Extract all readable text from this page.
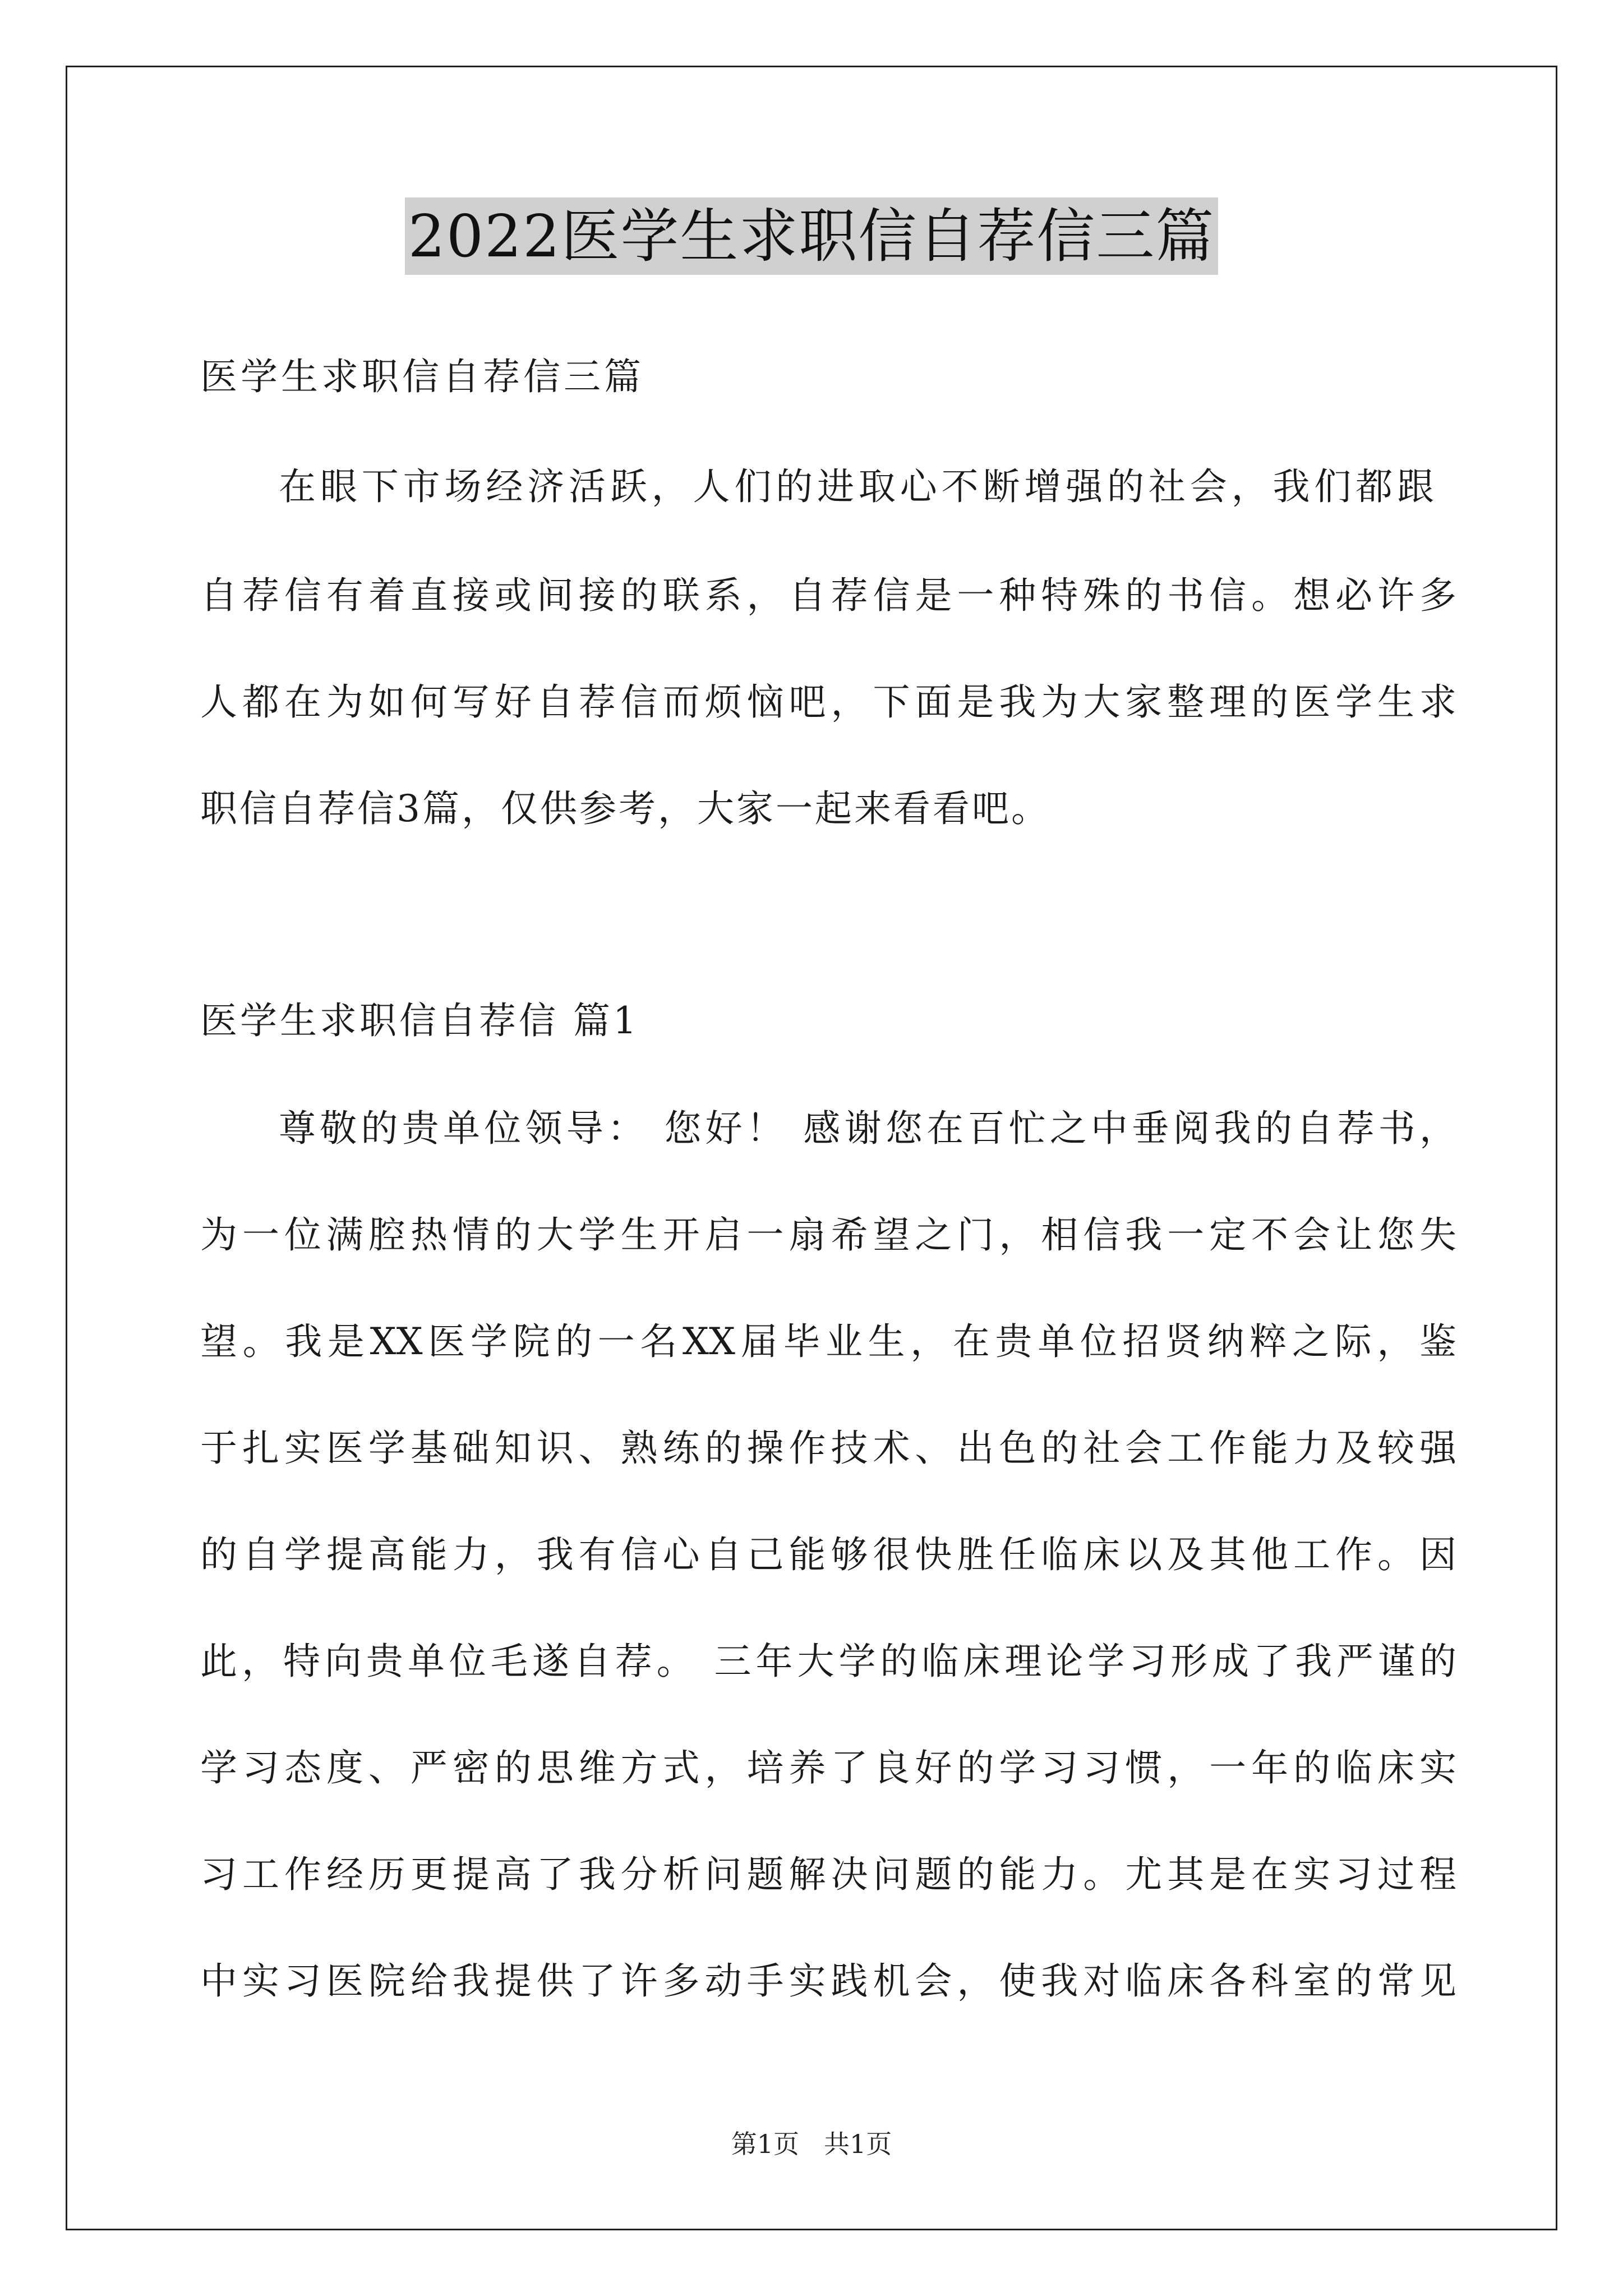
2022医学生求职信自荐信三篇
医学生求职信自荐信三篇
在眼下市场经济活跃，人们的进取心不断增强的社会，我们都跟
自荐信有着直接或间接的联系，自荐信是一种特殊的书信。想必许多
人都在为如何写好自荐信而烦恼吧，下面是我为大家整理的医学生求
职信自荐信3篇，仅供参考，大家一起来看看吧。
医学生求职信自荐信 篇1
尊敬的贵单位领导： 您好！ 感谢您在百忙之中垂阅我的自荐书，
为一位满腔热情的大学生开启一扇希望之门，相信我一定不会让您失
望。我是XX医学院的一名XX届毕业生，在贵单位招贤纳粹之际，鉴
于扎实医学基础知识、熟练的操作技术、出色的社会工作能力及较强
的自学提高能力，我有信心自己能够很快胜任临床以及其他工作。因
此，特向贵单位毛遂自荐。 三年大学的临床理论学习形成了我严谨的
学习态度、严密的思维方式，培养了良好的学习习惯，一年的临床实
习工作经历更提高了我分析问题解决问题的能力。尤其是在实习过程
中实习医院给我提供了许多动手实践机会，使我对临床各科室的常见
第1页 共1页
